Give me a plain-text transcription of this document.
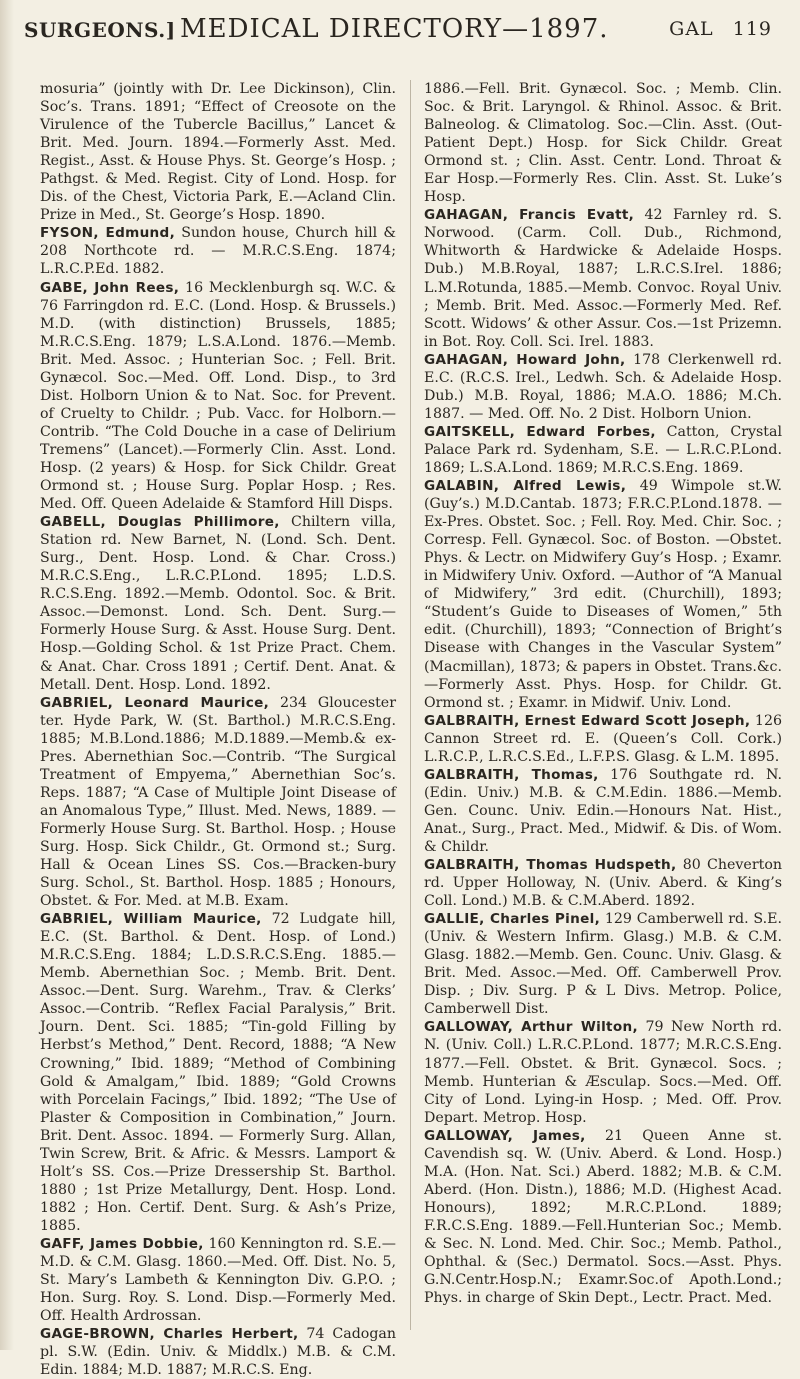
SURGEONS.] MEDICAL DIRECTORY—1897.	GAL 119

mosuria” (jointly with Dr. Lee Dickinson), Clin. Soc’s. Trans. 1891; “Effect of Creosote on the Virulence of the Tubercle Bacillus,” Lancet & Brit. Med. Journ. 1894.—Formerly Asst. Med. Regist., Asst. & House Phys. St. George’s Hosp. ; Pathgst. & Med. Regist. City of Lond. Hosp. for Dis. of the Chest, Victoria Park, E.—Acland Clin. Prize in Med., St. George’s Hosp. 1890.

FYSON, Edmund, Sundon house, Church hill & 208 Northcote rd. — M.R.C.S.Eng. 1874; L.R.C.P.Ed. 1882.

GABE, John Rees, 16 Mecklenburgh sq. W.C. & 76 Farringdon rd. E.C. (Lond. Hosp. & Brussels.) M.D. (with distinction) Brussels, 1885; M.R.C.S.Eng. 1879; L.S.A.Lond. 1876.—Memb. Brit. Med. Assoc. ; Hunterian Soc. ; Fell. Brit. Gynæcol. Soc.—Med. Off. Lond. Disp., to 3rd Dist. Holborn Union & to Nat. Soc. for Prevent. of Cruelty to Childr. ; Pub. Vacc. for Holborn.—Contrib. “The Cold Douche in a case of Delirium Tremens” (Lancet).—Formerly Clin. Asst. Lond. Hosp. (2 years) & Hosp. for Sick Childr. Great Ormond st. ; House Surg. Poplar Hosp. ; Res. Med. Off. Queen Adelaide & Stamford Hill Disps.

GABELL, Douglas Phillimore, Chiltern villa, Station rd. New Barnet, N. (Lond. Sch. Dent. Surg., Dent. Hosp. Lond. & Char. Cross.) M.R.C.S.Eng., L.R.C.P.Lond. 1895; L.D.S. R.C.S.Eng. 1892.—Memb. Odontol. Soc. & Brit. Assoc.—Demonst. Lond. Sch. Dent. Surg.—Formerly House Surg. & Asst. House Surg. Dent. Hosp.—Golding Schol. & 1st Prize Pract. Chem. & Anat. Char. Cross 1891 ; Certif. Dent. Anat. & Metall. Dent. Hosp. Lond. 1892.

GABRIEL, Leonard Maurice, 234 Gloucester ter. Hyde Park, W. (St. Barthol.) M.R.C.S.Eng. 1885; M.B.Lond.1886; M.D.1889.—Memb.& ex-Pres. Abernethian Soc.—Contrib. “The Surgical Treatment of Empyema,” Abernethian Soc’s. Reps. 1887; “A Case of Multiple Joint Disease of an Anomalous Type,” Illust. Med. News, 1889. —Formerly House Surg. St. Barthol. Hosp. ; House Surg. Hosp. Sick Childr., Gt. Ormond st.; Surg. Hall & Ocean Lines SS. Cos.—Bracken-bury Surg. Schol., St. Barthol. Hosp. 1885 ; Honours, Obstet. & For. Med. at M.B. Exam.

GABRIEL, William Maurice, 72 Ludgate hill, E.C. (St. Barthol. & Dent. Hosp. of Lond.) M.R.C.S.Eng. 1884; L.D.S.R.C.S.Eng. 1885.—Memb. Abernethian Soc. ; Memb. Brit. Dent. Assoc.—Dent. Surg. Warehm., Trav. & Clerks’ Assoc.—Contrib. “Reflex Facial Paralysis,” Brit. Journ. Dent. Sci. 1885; “Tin-gold Filling by Herbst’s Method,” Dent. Record, 1888; “A New Crowning,” Ibid. 1889; “Method of Combining Gold & Amalgam,” Ibid. 1889; “Gold Crowns with Porcelain Facings,” Ibid. 1892; “The Use of Plaster & Composition in Combination,” Journ. Brit. Dent. Assoc. 1894. — Formerly Surg. Allan, Twin Screw, Brit. & Afric. & Messrs. Lamport & Holt’s SS. Cos.—Prize Dressership St. Barthol. 1880 ; 1st Prize Metallurgy, Dent. Hosp. Lond. 1882 ; Hon. Certif. Dent. Surg. & Ash’s Prize, 1885.

GAFF, James Dobbie, 160 Kennington rd. S.E.—M.D. & C.M. Glasg. 1860.—Med. Off. Dist. No. 5, St. Mary’s Lambeth & Kennington Div. G.P.O. ; Hon. Surg. Roy. S. Lond. Disp.—Formerly Med. Off. Health Ardrossan.

GAGE-BROWN, Charles Herbert, 74 Cadogan pl. S.W. (Edin. Univ. & Middlx.) M.B. & C.M. Edin. 1884; M.D. 1887; M.R.C.S. Eng.

1886.—Fell. Brit. Gynæcol. Soc. ; Memb. Clin. Soc. & Brit. Laryngol. & Rhinol. Assoc. & Brit. Balneolog. & Climatolog. Soc.—Clin. Asst. (Out-Patient Dept.) Hosp. for Sick Childr. Great Ormond st. ; Clin. Asst. Centr. Lond. Throat & Ear Hosp.—Formerly Res. Clin. Asst. St. Luke’s Hosp.

GAHAGAN, Francis Evatt, 42 Farnley rd. S. Norwood. (Carm. Coll. Dub., Richmond, Whitworth & Hardwicke & Adelaide Hosps. Dub.) M.B.Royal, 1887; L.R.C.S.Irel. 1886; L.M.Rotunda, 1885.—Memb. Convoc. Royal Univ. ; Memb. Brit. Med. Assoc.—Formerly Med. Ref. Scott. Widows’ & other Assur. Cos.—1st Prizemn. in Bot. Roy. Coll. Sci. Irel. 1883.

GAHAGAN, Howard John, 178 Clerkenwell rd. E.C. (R.C.S. Irel., Ledwh. Sch. & Adelaide Hosp. Dub.) M.B. Royal, 1886; M.A.O. 1886; M.Ch. 1887. — Med. Off. No. 2 Dist. Holborn Union.

GAITSKELL, Edward Forbes, Catton, Crystal Palace Park rd. Sydenham, S.E. — L.R.C.P.Lond. 1869; L.S.A.Lond. 1869; M.R.C.S.Eng. 1869.

GALABIN, Alfred Lewis, 49 Wimpole st.W. (Guy’s.) M.D.Cantab. 1873; F.R.C.P.Lond.1878. —Ex-Pres. Obstet. Soc. ; Fell. Roy. Med. Chir. Soc. ; Corresp. Fell. Gynæcol. Soc. of Boston. —Obstet. Phys. & Lectr. on Midwifery Guy’s Hosp. ; Examr. in Midwifery Univ. Oxford. —Author of “A Manual of Midwifery,” 3rd edit. (Churchill), 1893; “Student’s Guide to Diseases of Women,” 5th edit. (Churchill), 1893; “Connection of Bright’s Disease with Changes in the Vascular System” (Macmillan), 1873; & papers in Obstet. Trans.&c.—Formerly Asst. Phys. Hosp. for Childr. Gt. Ormond st. ; Examr. in Midwif. Univ. Lond.

GALBRAITH, Ernest Edward Scott Joseph, 126 Cannon Street rd. E. (Queen’s Coll. Cork.) L.R.C.P., L.R.C.S.Ed., L.F.P.S. Glasg. & L.M. 1895.

GALBRAITH, Thomas, 176 Southgate rd. N. (Edin. Univ.) M.B. & C.M.Edin. 1886.—Memb. Gen. Counc. Univ. Edin.—Honours Nat. Hist., Anat., Surg., Pract. Med., Midwif. & Dis. of Wom. & Childr.

GALBRAITH, Thomas Hudspeth, 80 Cheverton rd. Upper Holloway, N. (Univ. Aberd. & King’s Coll. Lond.) M.B. & C.M.Aberd. 1892.

GALLIE, Charles Pinel, 129 Camberwell rd. S.E. (Univ. & Western Infirm. Glasg.) M.B. & C.M. Glasg. 1882.—Memb. Gen. Counc. Univ. Glasg. & Brit. Med. Assoc.—Med. Off. Camberwell Prov. Disp. ; Div. Surg. P & L Divs. Metrop. Police, Camberwell Dist.

GALLOWAY, Arthur Wilton, 79 New North rd. N. (Univ. Coll.) L.R.C.P.Lond. 1877; M.R.C.S.Eng. 1877.—Fell. Obstet. & Brit. Gynæcol. Socs. ; Memb. Hunterian & Æsculap. Socs.—Med. Off. City of Lond. Lying-in Hosp. ; Med. Off. Prov. Depart. Metrop. Hosp.

GALLOWAY, James, 21 Queen Anne st. Cavendish sq. W. (Univ. Aberd. & Lond. Hosp.) M.A. (Hon. Nat. Sci.) Aberd. 1882; M.B. & C.M. Aberd. (Hon. Distn.), 1886; M.D. (Highest Acad. Honours), 1892; M.R.C.P.Lond. 1889; F.R.C.S.Eng. 1889.—Fell.Hunterian Soc.; Memb. & Sec. N. Lond. Med. Chir. Soc.; Memb. Pathol., Ophthal. & (Sec.) Dermatol. Socs.—Asst. Phys. G.N.Centr.Hosp.N.; Examr.Soc.of Apoth.Lond.; Phys. in charge of Skin Dept., Lectr. Pract. Med.
